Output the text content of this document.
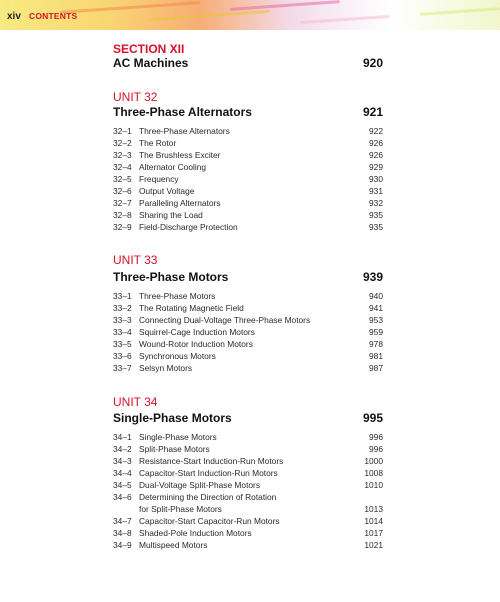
xiv CONTENTS
SECTION XII
AC Machines	920
UNIT 32
Three-Phase Alternators	921
32–1 Three-Phase Alternators	922
32–2 The Rotor	926
32–3 The Brushless Exciter	926
32–4 Alternator Cooling	929
32–5 Frequency	930
32–6 Output Voltage	931
32–7 Paralleling Alternators	932
32–8 Sharing the Load	935
32–9 Field-Discharge Protection	935
UNIT 33
Three-Phase Motors	939
33–1 Three-Phase Motors	940
33–2 The Rotating Magnetic Field	941
33–3 Connecting Dual-Voltage Three-Phase Motors	953
33–4 Squirrel-Cage Induction Motors	959
33–5 Wound-Rotor Induction Motors	978
33–6 Synchronous Motors	981
33–7 Selsyn Motors	987
UNIT 34
Single-Phase Motors	995
34–1 Single-Phase Motors	996
34–2 Split-Phase Motors	996
34–3 Resistance-Start Induction-Run Motors	1000
34–4 Capacitor-Start Induction-Run Motors	1008
34–5 Dual-Voltage Split-Phase Motors	1010
34–6 Determining the Direction of Rotation
for Split-Phase Motors	1013
34–7 Capacitor-Start Capacitor-Run Motors	1014
34–8 Shaded-Pole Induction Motors	1017
34–9 Multispeed Motors	1021
